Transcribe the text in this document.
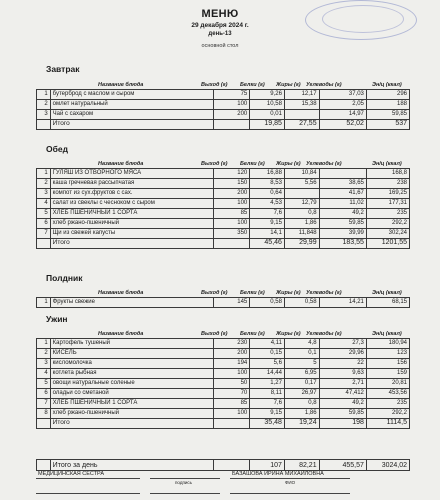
МЕНЮ
29 декабря 2024 г.
день-13
основной стол
Завтрак
Название блюда	Выход (г) Белки (г) Жиры (г) Углеводы (г)	Эн/ц (ккал)
1	бутерброд с маслом и сыром	75	9,26	12,17	37,03	296
2	омлет натуральный	100	10,58	15,38	2,05	188
3	Чай с сахаром	200	0,01		14,97	59,85
	Итого		19,85	27,55	52,02	537
Обед
Название блюда	Выход (г) Белки (г) Жиры (г) Углеводы (г)	Эн/ц (ккал)
1	ГУЛЯШ ИЗ ОТВОРНОГО МЯСА	120	16,88	10,84		168,8
2	каша гречневая рассыпчатая	150	8,53	5,56	38,65	238
3	компот из сух.фруктов с сах.	200	0,64		41,67	169,25
4	салат из свеклы с чесноком с сыром	100	4,53	12,79	11,02	177,31
5	ХЛЕБ ПШЕНИЧНЫЙ 1 СОРТА	85	7,6	0,8	49,2	235
6	хлеб ржано-пшеничный	100	9,15	1,86	59,85	292,2
7	Щи из свежей капусты	350	14,1	11,848	39,99	302,24
	Итого		45,46	29,99	183,55	1201,55
Полдник
Название блюда	Выход (г) Белки (г) Жиры (г) Углеводы (г)	Эн/ц (ккал)
1	Фрукты свежие	145	0,58	0,58	14,21	68,15
Ужин
Название блюда	Выход (г) Белки (г) Жиры (г) Углеводы (г)	Эн/ц (ккал)
1	Картофель тушеный	230	4,11	4,8	27,3	180,94
2	КИСЕЛЬ	200	0,15	0,1	29,96	123
3	кисломолочка	194	5,6	5	22	156
4	котлета рыбная	100	14,44	6,95	9,63	159
5	овощи натуральные соленые	50	1,27	0,17	2,71	20,81
6	оладьи со сметаной	70	8,11	26,97	47,412	453,56
7	ХЛЕБ ПШЕНИЧНЫЙ 1 СОРТА	85	7,6	0,8	49,2	235
8	хлеб ржано-пшеничный	100	9,15	1,86	59,85	292,2
	Итого		35,48	19,24	198	1114,5
	Итого за день		107	82,21	455,57	3024,02
МЕДИЦИНСКАЯ СЕСТРА
подпись
БАЗАШОВА ИРИНА МИХАЙЛОВНА
ФИО
